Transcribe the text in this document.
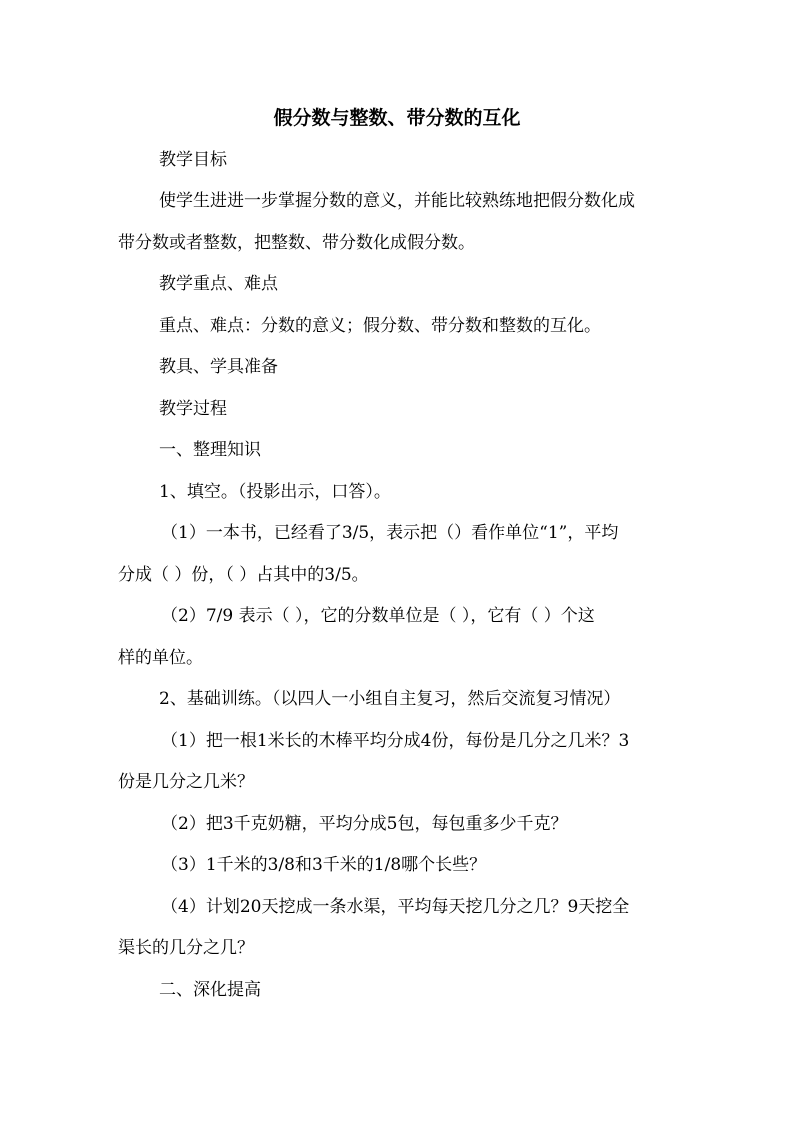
假分数与整数、带分数的互化
教学目标
使学生进进一步掌握分数的意义，并能比较熟练地把假分数化成
带分数或者整数，把整数、带分数化成假分数。
教学重点、难点
重点、难点：分数的意义；假分数、带分数和整数的互化。
教具、学具准备
教学过程
一、整理知识
1、填空。（投影出示，口答）。
（1）一本书，已经看了3/5，表示把（）看作单位“1”，平均
分成（ ）份，（ ）占其中的3/5。
（2）7/9 表示（ ），它的分数单位是（ ），它有（ ）个这
样的单位。
2、基础训练。（以四人一小组自主复习，然后交流复习情况）
（1）把一根1米长的木棒平均分成4份，每份是几分之几米？3
份是几分之几米？
（2）把3千克奶糖，平均分成5包，每包重多少千克？
（3）1千米的3/8和3千米的1/8哪个长些？
（4）计划20天挖成一条水渠，平均每天挖几分之几？9天挖全
渠长的几分之几？
二、深化提高
